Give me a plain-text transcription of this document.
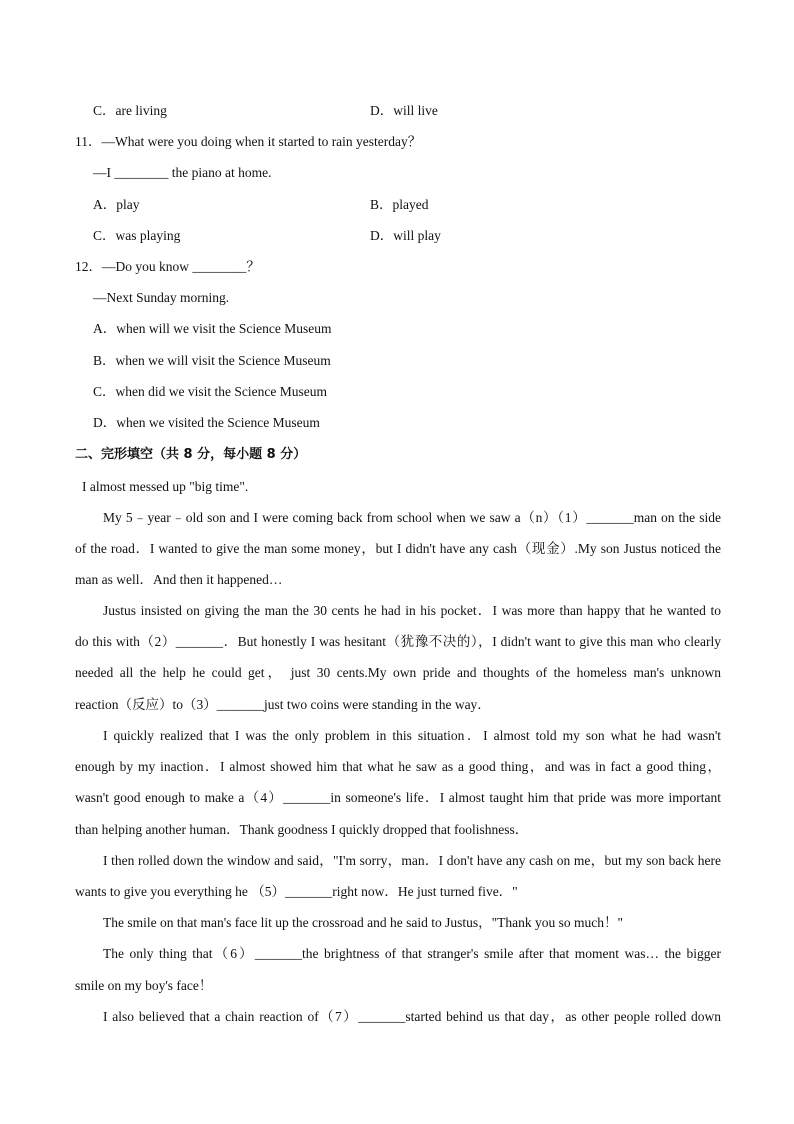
C．are living	D．will live
11．—What were you doing when it started to rain yesterday？
—I ________ the piano at home.
A．play	B．played
C．was playing	D．will play
12．—Do you know ________？
—Next Sunday morning.
A．when will we visit the Science Museum
B．when we will visit the Science Museum
C．when did we visit the Science Museum
D．when we visited the Science Museum
二、完形填空（共 8 分，每小题 8 分）
I almost messed up "big time".
My 5﹣year﹣old son and I were coming back from school when we saw a（n）（1）_______man on the side
of the road．I wanted to give the man some money，but I didn't have any cash（现金）.My son Justus noticed the
man as well．And then it happened…
Justus insisted on giving the man the 30 cents he had in his pocket．I was more than happy that he wanted to
do this with（2）_______．But honestly I was hesitant（犹豫不决的），I didn't want to give this man who clearly
needed all the help he could get， just 30 cents.My own pride and thoughts of the homeless man's unknown
reaction（反应）to（3）_______just two coins were standing in the way．
I quickly realized that I was the only problem in this situation．I almost told my son what he had wasn't
enough by my inaction．I almost showed him that what he saw as a good thing，and was in fact a good thing，
wasn't good enough to make a（4）_______in someone's life．I almost taught him that pride was more important
than helping another human．Thank goodness I quickly dropped that foolishness．
I then rolled down the window and said，"I'm sorry，man．I don't have any cash on me，but my son back here
wants to give you everything he （5）_______right now．He just turned five．"
The smile on that man's face lit up the crossroad and he said to Justus，"Thank you so much！"
The only thing that（6）_______the brightness of that stranger's smile after that moment was… the bigger
smile on my boy's face！
I also believed that a chain reaction of（7）_______started behind us that day，as other people rolled down
